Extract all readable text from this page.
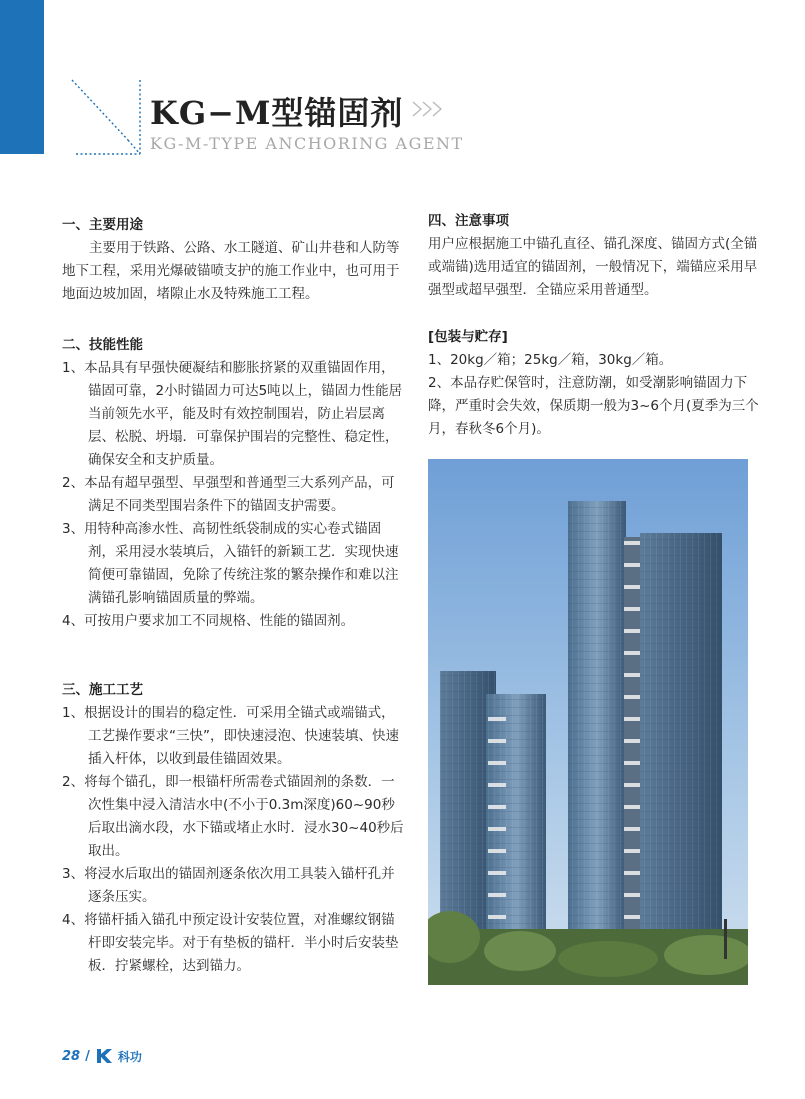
KG−M型锚固剂
KG-M-TYPE ANCHORING AGENT
一、主要用途

主要用于铁路、公路、水工隧道、矿山井巷和人防等地下工程，采用光爆破锚喷支护的施工作业中，也可用于地面边坡加固，堵隙止水及特殊施工工程。

二、技能性能

1、本品具有早强快硬凝结和膨胀挤紧的双重锚固作用，锚固可靠，2小时锚固力可达5吨以上，锚固力性能居当前领先水平，能及时有效控制围岩，防止岩层离层、松脱、坍塌．可靠保护围岩的完整性、稳定性，确保安全和支护质量。

2、本品有超早强型、早强型和普通型三大系列产品，可满足不同类型围岩条件下的锚固支护需要。

3、用特种高渗水性、高韧性纸袋制成的实心卷式锚固剂，采用浸水装填后，入锚钎的新颖工艺．实现快速简便可靠锚固，免除了传统注浆的繁杂操作和难以注满锚孔影响锚固质量的弊端。

4、可按用户要求加工不同规格、性能的锚固剂。

三、施工工艺

1、根据设计的围岩的稳定性．可采用全锚式或端锚式，工艺操作要求“三快”，即快速浸泡、快速装填、快速插入杆体，以收到最佳锚固效果。

2、将每个锚孔，即一根锚杆所需卷式锚固剂的条数．一次性集中浸入清洁水中(不小于0.3m深度)60~90秒后取出滴水段，水下锚或堵止水时．浸水30~40秒后取出。

3、将浸水后取出的锚固剂逐条依次用工具装入锚杆孔并逐条压实。

4、将锚杆插入锚孔中预定设计安装位置，对准螺纹钢锚杆即安装完毕。对于有垫板的锚杆．半小时后安装垫板．拧紧螺栓，达到锚力。

四、注意事项

用户应根据施工中锚孔直径、锚孔深度、锚固方式(全锚或端锚)选用适宜的锚固剂，一般情况下，端锚应采用早强型或超早强型．全锚应采用普通型。

[包装与贮存]

1、20kg／箱；25kg／箱，30kg／箱。

2、本品存贮保管时，注意防潮，如受潮影响锚固力下降，严重时会失效，保质期一般为3~6个月(夏季为三个月，春秋冬6个月)。

28 / 科功
